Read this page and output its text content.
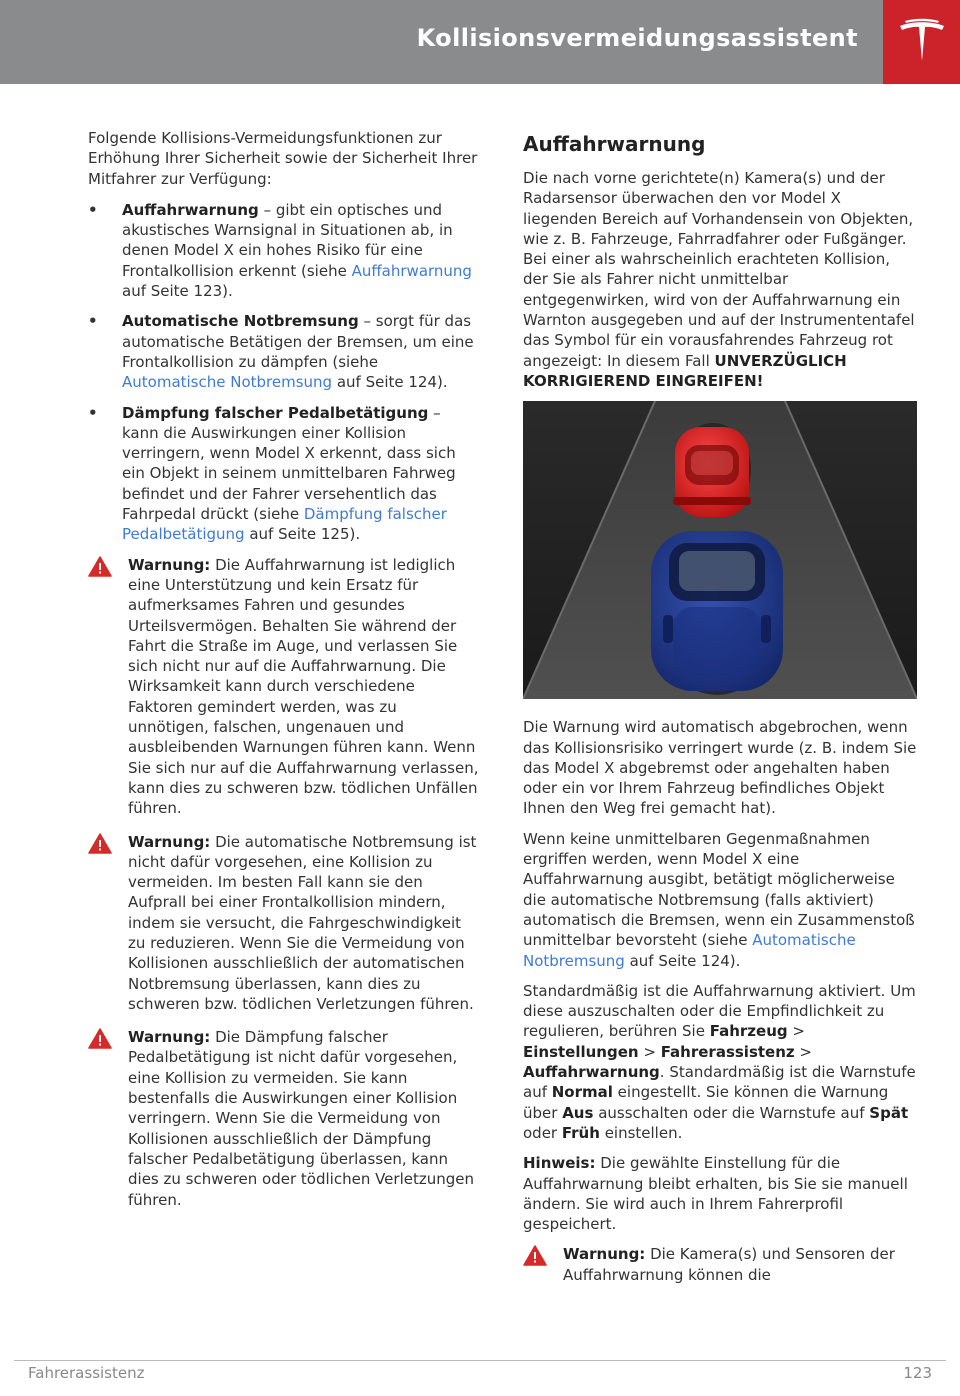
Kollisionsvermeidungsassistent

Folgende Kollisions-Vermeidungsfunktionen zur Erhöhung Ihrer Sicherheit sowie der Sicherheit Ihrer Mitfahrer zur Verfügung:

• Auffahrwarnung – gibt ein optisches und akustisches Warnsignal in Situationen ab, in denen Model X ein hohes Risiko für eine Frontalkollision erkennt (siehe Auffahrwarnung auf Seite 123).
• Automatische Notbremsung – sorgt für das automatische Betätigen der Bremsen, um eine Frontalkollision zu dämpfen (siehe Automatische Notbremsung auf Seite 124).
• Dämpfung falscher Pedalbetätigung – kann die Auswirkungen einer Kollision verringern, wenn Model X erkennt, dass sich ein Objekt in seinem unmittelbaren Fahrweg befindet und der Fahrer versehentlich das Fahrpedal drückt (siehe Dämpfung falscher Pedalbetätigung auf Seite 125).

Warnung: Die Auffahrwarnung ist lediglich eine Unterstützung und kein Ersatz für aufmerksames Fahren und gesundes Urteilsvermögen. Behalten Sie während der Fahrt die Straße im Auge, und verlassen Sie sich nicht nur auf die Auffahrwarnung. Die Wirksamkeit kann durch verschiedene Faktoren gemindert werden, was zu unnötigen, falschen, ungenauen und ausbleibenden Warnungen führen kann. Wenn Sie sich nur auf die Auffahrwarnung verlassen, kann dies zu schweren bzw. tödlichen Unfällen führen.

Warnung: Die automatische Notbremsung ist nicht dafür vorgesehen, eine Kollision zu vermeiden. Im besten Fall kann sie den Aufprall bei einer Frontalkollision mindern, indem sie versucht, die Fahrgeschwindigkeit zu reduzieren. Wenn Sie die Vermeidung von Kollisionen ausschließlich der automatischen Notbremsung überlassen, kann dies zu schweren bzw. tödlichen Verletzungen führen.

Warnung: Die Dämpfung falscher Pedalbetätigung ist nicht dafür vorgesehen, eine Kollision zu vermeiden. Sie kann bestenfalls die Auswirkungen einer Kollision verringern. Wenn Sie die Vermeidung von Kollisionen ausschließlich der Dämpfung falscher Pedalbetätigung überlassen, kann dies zu schweren oder tödlichen Verletzungen führen.

Auffahrwarnung

Die nach vorne gerichtete(n) Kamera(s) und der Radarsensor überwachen den vor Model X liegenden Bereich auf Vorhandensein von Objekten, wie z. B. Fahrzeuge, Fahrradfahrer oder Fußgänger. Bei einer als wahrscheinlich erachteten Kollision, der Sie als Fahrer nicht unmittelbar entgegenwirken, wird von der Auffahrwarnung ein Warnton ausgegeben und auf der Instrumententafel das Symbol für ein vorausfahrendes Fahrzeug rot angezeigt: In diesem Fall UNVERZÜGLICH KORRIGIEREND EINGREIFEN!

Die Warnung wird automatisch abgebrochen, wenn das Kollisionsrisiko verringert wurde (z. B. indem Sie das Model X abgebremst oder angehalten haben oder ein vor Ihrem Fahrzeug befindliches Objekt Ihnen den Weg frei gemacht hat).

Wenn keine unmittelbaren Gegenmaßnahmen ergriffen werden, wenn Model X eine Auffahrwarnung ausgibt, betätigt möglicherweise die automatische Notbremsung (falls aktiviert) automatisch die Bremsen, wenn ein Zusammenstoß unmittelbar bevorsteht (siehe Automatische Notbremsung auf Seite 124).

Standardmäßig ist die Auffahrwarnung aktiviert. Um diese auszuschalten oder die Empfindlichkeit zu regulieren, berühren Sie Fahrzeug > Einstellungen > Fahrerassistenz > Auffahrwarnung. Standardmäßig ist die Warnstufe auf Normal eingestellt. Sie können die Warnung über Aus ausschalten oder die Warnstufe auf Spät oder Früh einstellen.

Hinweis: Die gewählte Einstellung für die Auffahrwarnung bleibt erhalten, bis Sie sie manuell ändern. Sie wird auch in Ihrem Fahrerprofil gespeichert.

Warnung: Die Kamera(s) und Sensoren der Auffahrwarnung können die

Fahrerassistenz	123
